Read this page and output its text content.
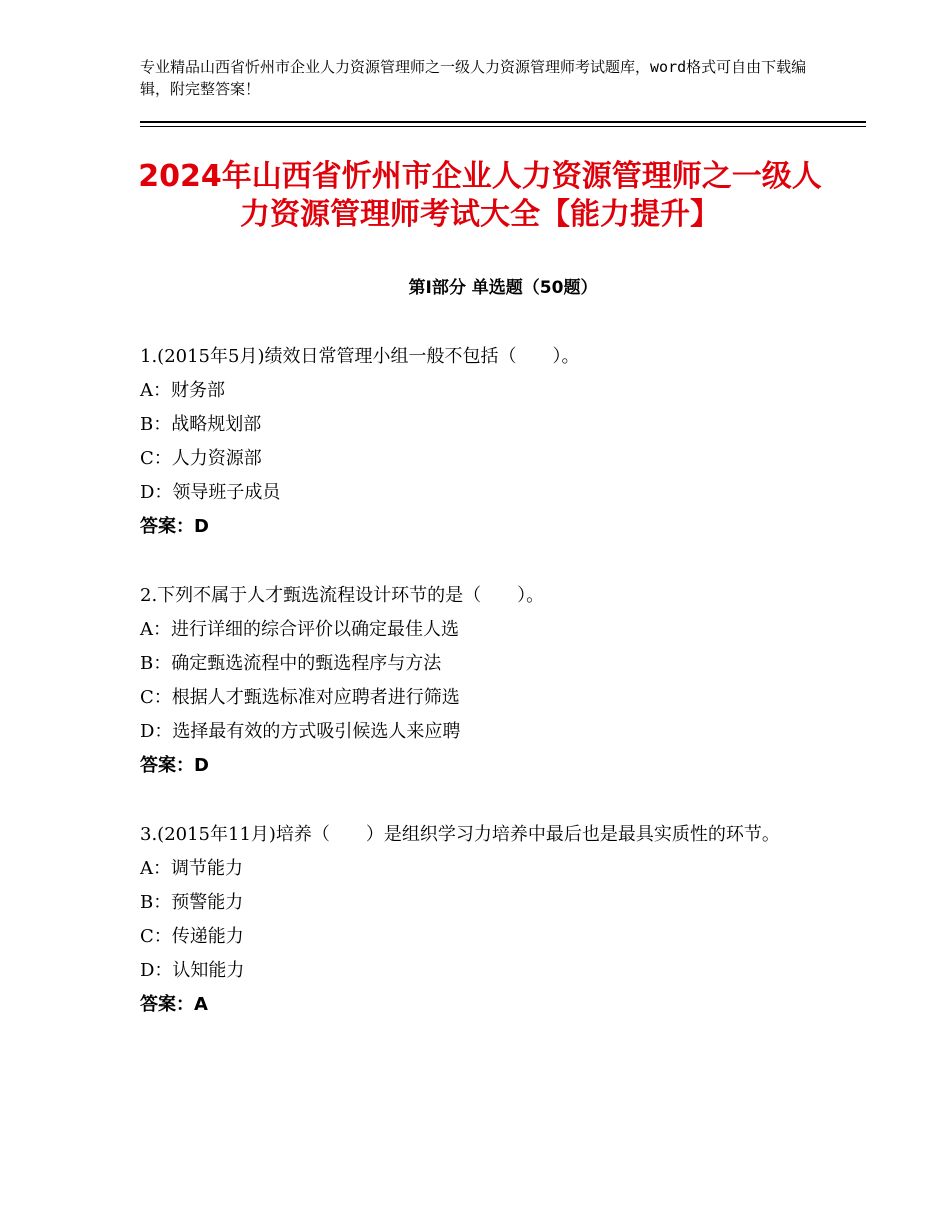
专业精品山西省忻州市企业人力资源管理师之一级人力资源管理师考试题库，word格式可自由下载编辑，附完整答案！
2024年山西省忻州市企业人力资源管理师之一级人力资源管理师考试大全【能力提升】
第Ⅰ部分 单选题（50题）

1.(2015年5月)绩效日常管理小组一般不包括（　　）。

A：财务部

B：战略规划部

C：人力资源部

D：领导班子成员

答案：D

2.下列不属于人才甄选流程设计环节的是（　　）。

A：进行详细的综合评价以确定最佳人选

B：确定甄选流程中的甄选程序与方法

C：根据人才甄选标准对应聘者进行筛选

D：选择最有效的方式吸引候选人来应聘

答案：D

3.(2015年11月)培养（　　）是组织学习力培养中最后也是最具实质性的环节。

A：调节能力

B：预警能力

C：传递能力

D：认知能力

答案：A
